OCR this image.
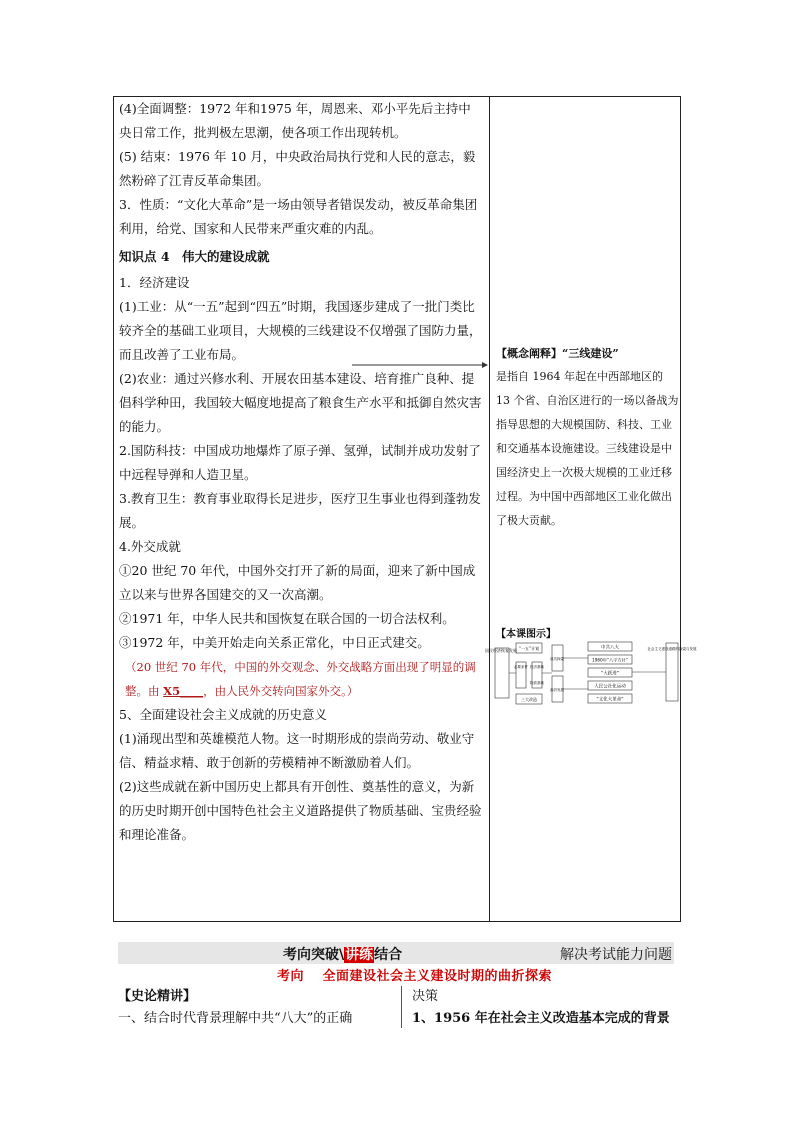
(4)全面调整：1972 年和1975 年，周恩来、邓小平先后主持中央日常工作，批判极左思潮，使各项工作出现转机。

(5) 结束：1976 年 10 月，中央政治局执行党和人民的意志，毅然粉碎了江青反革命集团。

3．性质：“文化大革命”是一场由领导者错误发动，被反革命集团利用，给党、国家和人民带来严重灾难的内乱。

知识点 4　伟大的建设成就

1．经济建设

(1)工业：从“一五”起到“四五”时期，我国逐步建成了一批门类比较齐全的基础工业项目，大规模的三线建设不仅增强了国防力量，而且改善了工业布局。

(2)农业：通过兴修水利、开展农田基本建设、培育推广良种、提倡科学种田，我国较大幅度地提高了粮食生产水平和抵御自然灾害的能力。

2.国防科技：中国成功地爆炸了原子弹、氢弹，试制并成功发射了中远程导弹和人造卫星。

3.教育卫生：教育事业取得长足进步，医疗卫生事业也得到蓬勃发展。

4.外交成就

①20 世纪 70 年代，中国外交打开了新的局面，迎来了新中国成立以来与世界各国建交的又一次高潮。

②1971 年，中华人民共和国恢复在联合国的一切合法权利。

③1972 年，中美开始走向关系正常化，中日正式建交。

（20 世纪 70 年代，中国的外交观念、外交战略方面出现了明显的调整。由 X5____，由人民外交转向国家外交。）

5、全面建设社会主义成就的历史意义

(1)涌现出型和英雄模范人物。这一时期形成的崇尚劳动、敬业守信、精益求精、敢于创新的劳模精神不断激励着人们。

(2)这些成就在新中国历史上都具有开创性、奠基性的意义，为新的历史时期开创中国特色社会主义道路提供了物质基础、宝贵经验和理论准备。

【概念阐释】“三线建设”
是指自 1964 年起在中西部地区的 13 个省、自治区进行的一场以备战为指导思想的大规模国防、科技、工业和交通基本设施建设。三线建设是中国经济史上一次极大规模的工业迁移过程。为中国中西部地区工业化做出了极大贡献。
【本课图示】
国民经济恢复发展 “一五”计划
必要条件 经济基础
物质基础
三大改造
成功探索
曲折发展
中共八大
1960年“八字方针”
“大跃进”
人民公社化运动
“文化大革命”
社会主义建设道路的探索与发展
考向突破\讲练结合	解决考试能力问题
考向　 全面建设社会主义建设时期的曲折探索

【史论精讲】

一、结合时代背景理解中共“八大”的正确

决策

1、1956 年在社会主义改造基本完成的背景
